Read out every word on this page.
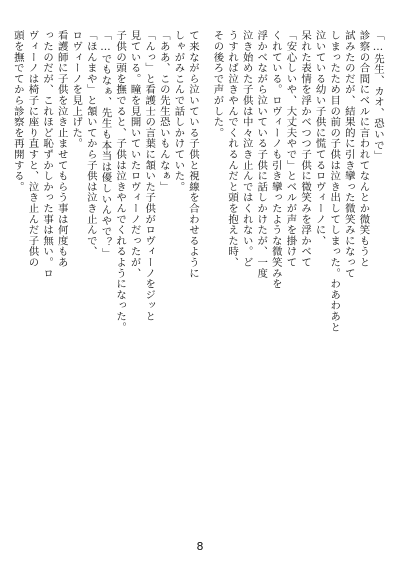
「…先生、カオ、恐いで」
診察の合間にベルに言われてなんとか微笑もうと
試みたのだが、結果的に引き攣った微笑みになって
しまったため目の前の子供は泣き出してしまった。わあわあと
泣いている幼い子供に慌てるロヴィーノに、
呆れた表情を浮かべつつ子供に微笑みを浮かべて
「安心しいや、大丈夫やで」とベルが声を掛けて
くれている。ロヴィーノも引き攣ったような微笑みを
浮かべながら泣いている子供に話しかけたが、一度
泣き始めた子供は中々泣き止んではくれない。ど
うすれば泣きやんでくれるんだと頭を抱えた時、
その後ろで声がした。
て来ながら泣いている子供と視線を合わせるように
しゃがみこんで話しかけていた。
「ああ、この先生恐いもんなぁ」
「んっ」と看護士の言葉に頷いた子供がロヴィーノをジッと
見ている。瞳を見開いていたロヴィーノだったが、
子供の頭を撫でると、子供は泣きやんでくれるようになった。
「…でもなぁ、先生も本当は優しいんやで？」
「ほんまや」と頷いてから子供は泣き止んで、
ロヴィーノを見上げた。
看護師に子供を泣き止ませてもらう事は何度もあ
ったのだが、これほど恥ずかしかった事は無い。ロ
ヴィーノは椅子に座り直すと、泣き止んだ子供の
頭を撫でてから診察を再開する。
8
